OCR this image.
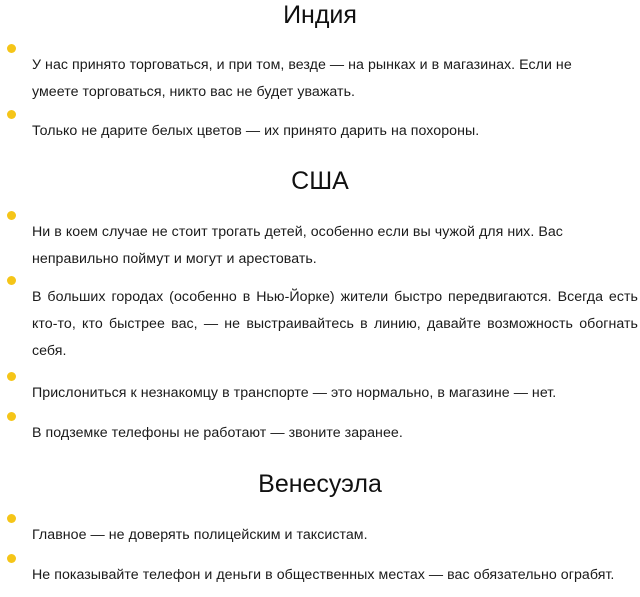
Индия

У нас принято торговаться, и при том, везде — на рынках и в магазинах. Если не умеете торговаться, никто вас не будет уважать.

Только не дарите белых цветов — их принято дарить на похороны.

США

Ни в коем случае не стоит трогать детей, особенно если вы чужой для них. Вас неправильно поймут и могут и арестовать.

В больших городах (особенно в Нью-Йорке) жители быстро передвигаются. Всегда есть кто-то, кто быстрее вас, — не выстраивайтесь в линию, давайте возможность обогнать себя.

Прислониться к незнакомцу в транспорте — это нормально, в магазине — нет.

В подземке телефоны не работают — звоните заранее.

Венесуэла

Главное — не доверять полицейским и таксистам.

Не показывайте телефон и деньги в общественных местах — вас обязательно ограбят.
